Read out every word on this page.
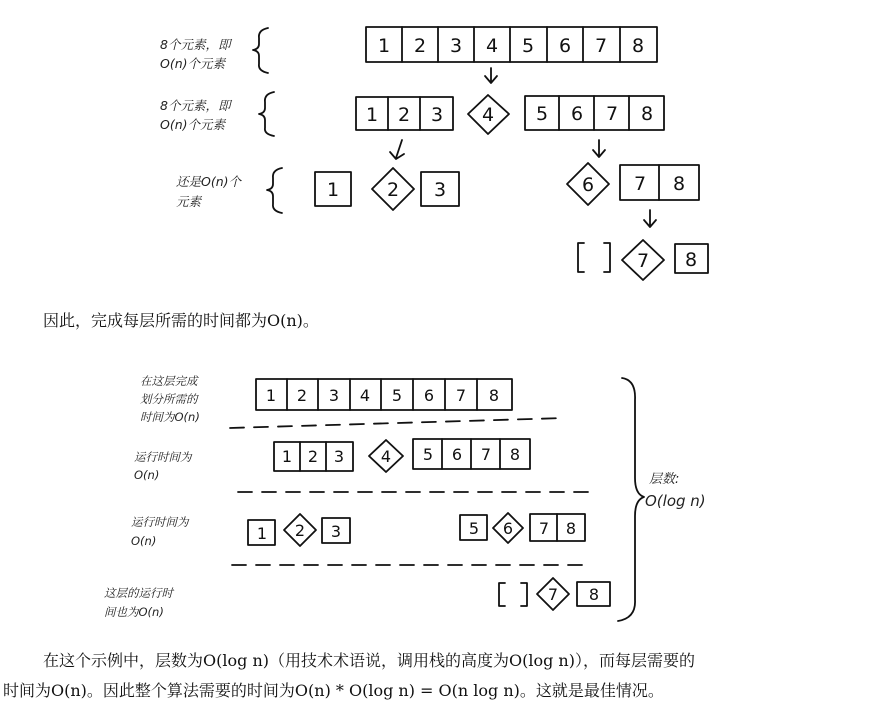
8个元素，即
O(n)个元素
8个元素，即
O(n)个元素
还是O(n)个
元素
1 2 3 4 5 6 7 8
1 2 3 4 5 6 7 8
1	2 3	6 7 8
7 8
在这层完成
划分所需的
时间为O(n)
运行时间为
O(n)
运行时间为
O(n)
这层的运行时
间也为O(n)
层数:
O(log n)
1 2 3 4 5 6 7 8
1 2 3 4 5 6 7 8
1 2 3	5 6 7 8
7 8
因此，完成每层所需的时间都为O(n)。
在这个示例中，层数为O(log n)（用技术术语说，调用栈的高度为O(log n)），而每层需要的
时间为O(n)。因此整个算法需要的时间为O(n) * O(log n) = O(n log n)。这就是最佳情况。
